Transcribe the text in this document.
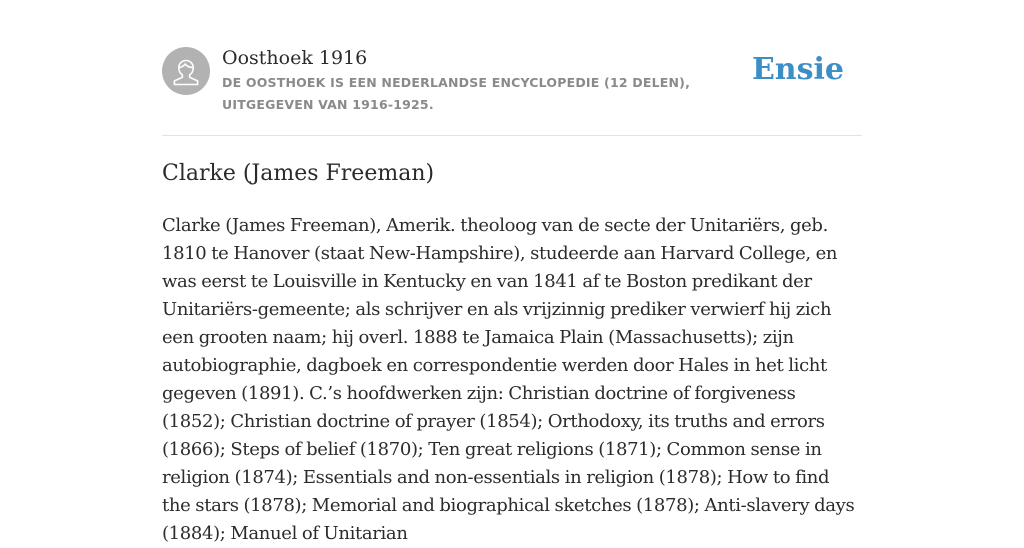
Oosthoek 1916
DE OOSTHOEK IS EEN NEDERLANDSE ENCYCLOPEDIE (12 DELEN), UITGEGEVEN VAN 1916-1925.
Ensie
Clarke (James Freeman)

Clarke (James Freeman), Amerik. theoloog van de secte der Unitariërs, geb. 1810 te Hanover (staat New-Hampshire), studeerde aan Harvard College, en was eerst te Louisville in Kentucky en van 1841 af te Boston predikant der Unitariërs-gemeente; als schrijver en als vrijzinnig prediker verwierf hij zich een grooten naam; hij overl. 1888 te Jamaica Plain (Massachusetts); zijn autobiographie, dagboek en correspondentie werden door Hales in het licht gegeven (1891). C.’s hoofdwerken zijn: Christian doctrine of forgiveness (1852); Christian doctrine of prayer (1854); Orthodoxy, its truths and errors (1866); Steps of belief (1870); Ten great religions (1871); Common sense in religion (1874); Essentials and non-essentials in religion (1878); How to find the stars (1878); Memorial and biographical sketches (1878); Anti-slavery days (1884); Manuel of Unitarian
